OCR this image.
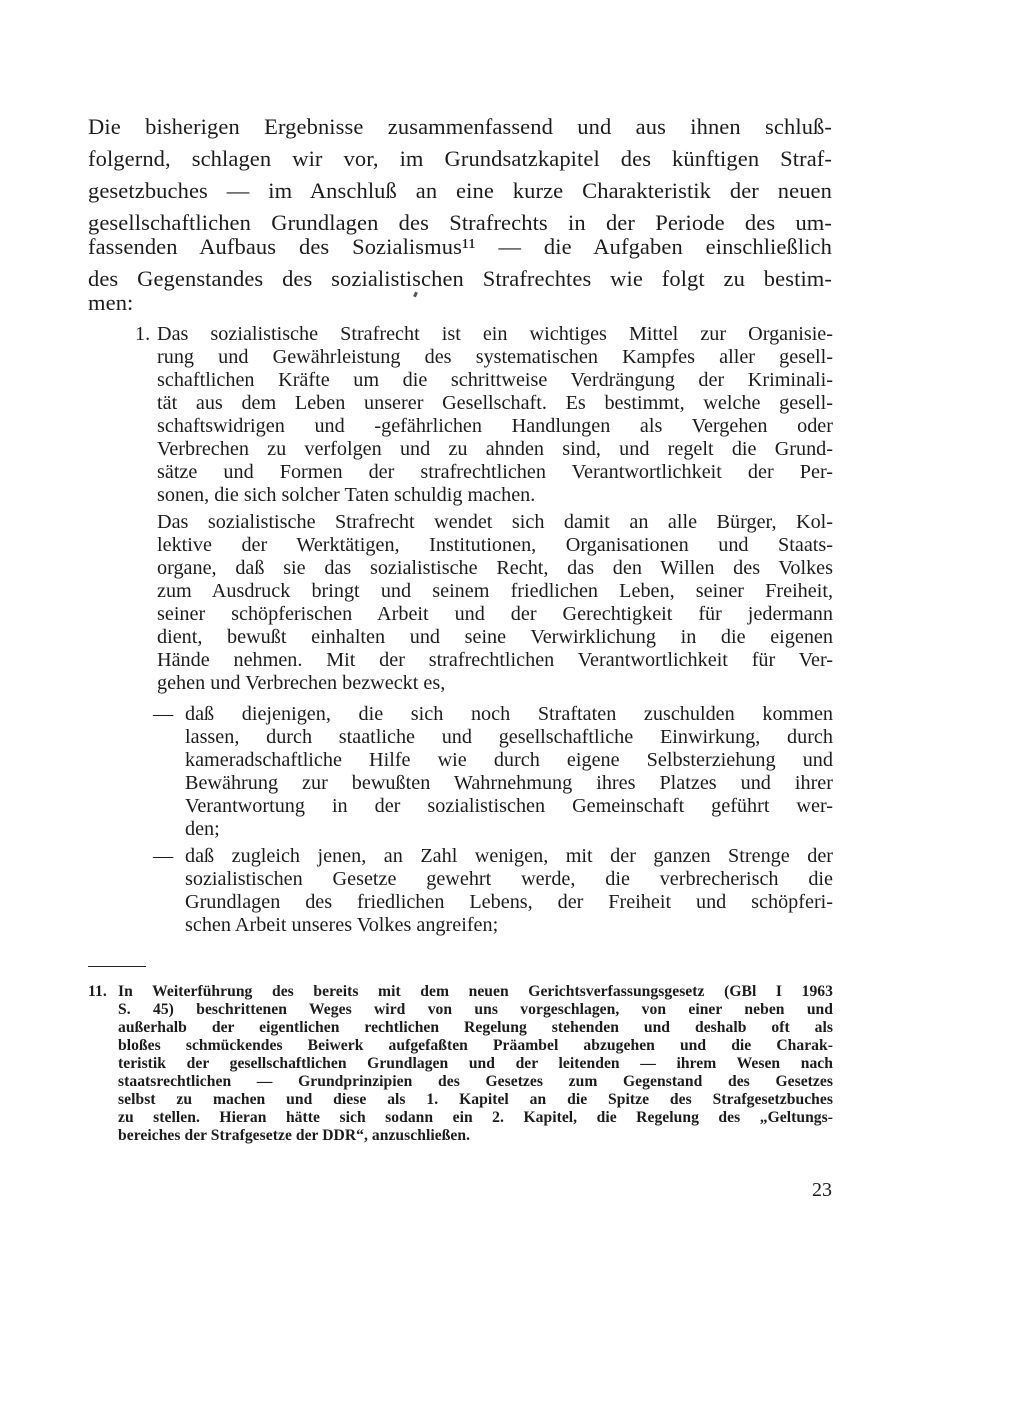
Die bisherigen Ergebnisse zusammenfassend und aus ihnen schluß-
folgernd, schlagen wir vor, im Grundsatzkapitel des künftigen Straf-
gesetzbuches — im Anschluß an eine kurze Charakteristik der neuen
gesellschaftlichen Grundlagen des Strafrechts in der Periode des um-
fassenden Aufbaus des Sozialismus¹¹ — die Aufgaben einschließlich
des Gegenstandes des sozialistischen Strafrechtes wie folgt zu bestim-
men:
1. Das sozialistische Strafrecht ist ein wichtiges Mittel zur Organisie-
rung und Gewährleistung des systematischen Kampfes aller gesell-
schaftlichen Kräfte um die schrittweise Verdrängung der Kriminali-
tät aus dem Leben unserer Gesellschaft. Es bestimmt, welche gesell-
schaftswidrigen und -gefährlichen Handlungen als Vergehen oder
Verbrechen zu verfolgen und zu ahnden sind, und regelt die Grund-
sätze und Formen der strafrechtlichen Verantwortlichkeit der Per-
sonen, die sich solcher Taten schuldig machen.
Das sozialistische Strafrecht wendet sich damit an alle Bürger, Kol-
lektive der Werktätigen, Institutionen, Organisationen und Staats-
organe, daß sie das sozialistische Recht, das den Willen des Volkes
zum Ausdruck bringt und seinem friedlichen Leben, seiner Freiheit,
seiner schöpferischen Arbeit und der Gerechtigkeit für jedermann
dient, bewußt einhalten und seine Verwirklichung in die eigenen
Hände nehmen. Mit der strafrechtlichen Verantwortlichkeit für Ver-
gehen und Verbrechen bezweckt es,
— daß diejenigen, die sich noch Straftaten zuschulden kommen
lassen, durch staatliche und gesellschaftliche Einwirkung, durch
kameradschaftliche Hilfe wie durch eigene Selbsterziehung und
Bewährung zur bewußten Wahrnehmung ihres Platzes und ihrer
Verantwortung in der sozialistischen Gemeinschaft geführt wer-
den;
— daß zugleich jenen, an Zahl wenigen, mit der ganzen Strenge der
sozialistischen Gesetze gewehrt werde, die verbrecherisch die
Grundlagen des friedlichen Lebens, der Freiheit und schöpferi-
schen Arbeit unseres Volkes angreifen;
11. In Weiterführung des bereits mit dem neuen Gerichtsverfassungsgesetz (GBl I 1963
S. 45) beschrittenen Weges wird von uns vorgeschlagen, von einer neben und
außerhalb der eigentlichen rechtlichen Regelung stehenden und deshalb oft als
bloßes schmückendes Beiwerk aufgefaßten Präambel abzugehen und die Charak-
teristik der gesellschaftlichen Grundlagen und der leitenden — ihrem Wesen nach
staatsrechtlichen — Grundprinzipien des Gesetzes zum Gegenstand des Gesetzes
selbst zu machen und diese als 1. Kapitel an die Spitze des Strafgesetzbuches
zu stellen. Hieran hätte sich sodann ein 2. Kapitel, die Regelung des „Geltungs-
bereiches der Strafgesetze der DDR“, anzuschließen.
23
